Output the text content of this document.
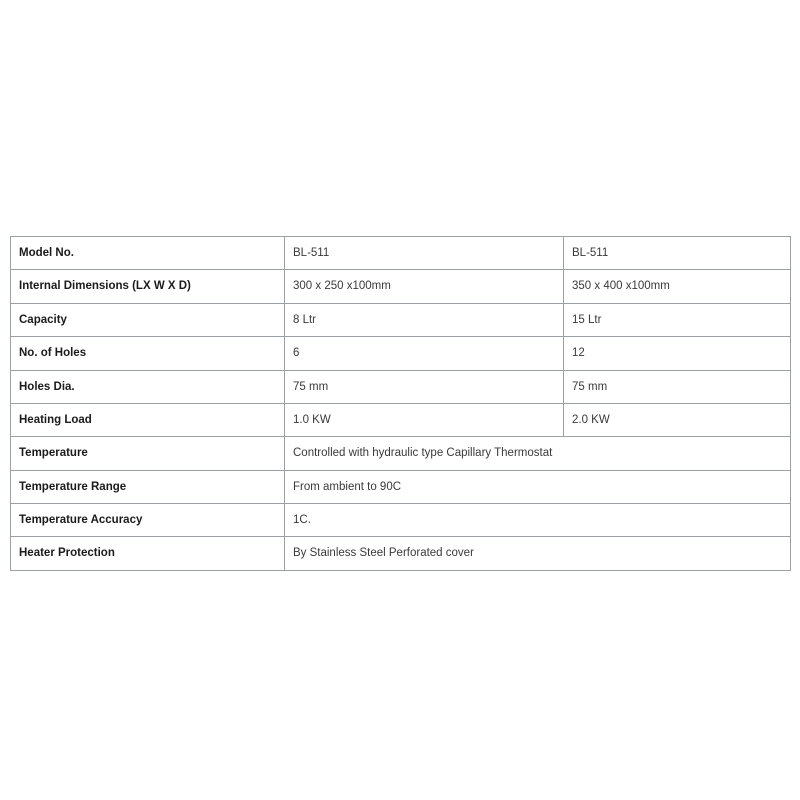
Model No.	BL-511	BL-511
Internal Dimensions (LX W X D)	300 x 250 x100mm	350 x 400 x100mm
Capacity	8 Ltr	15 Ltr
No. of Holes	6	12
Holes Dia.	75 mm	75 mm
Heating Load	1.0 KW	2.0 KW
Temperature	Controlled with hydraulic type Capillary Thermostat	
Temperature Range	From ambient to 90C	
Temperature Accuracy	1C.	
Heater Protection	By Stainless Steel Perforated cover	
